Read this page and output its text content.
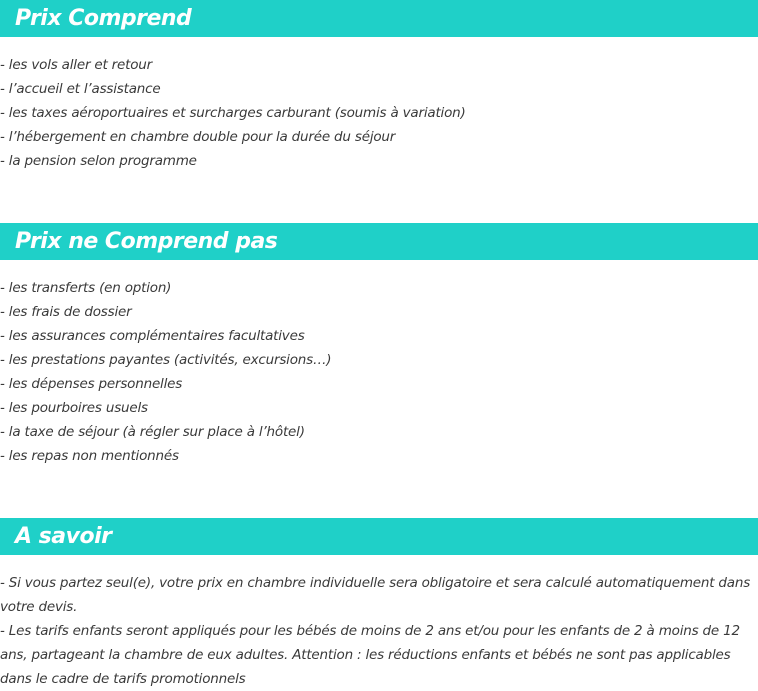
Prix Comprend
- les vols aller et retour
- l’accueil et l’assistance
- les taxes aéroportuaires et surcharges carburant (soumis à variation)
- l’hébergement en chambre double pour la durée du séjour
- la pension selon programme
Prix ne Comprend pas
- les transferts (en option)
- les frais de dossier
- les assurances complémentaires facultatives
- les prestations payantes (activités, excursions…)
- les dépenses personnelles
- les pourboires usuels
- la taxe de séjour (à régler sur place à l’hôtel)
- les repas non mentionnés
A savoir

- Si vous partez seul(e), votre prix en chambre individuelle sera obligatoire et sera calculé automatiquement dans votre devis.

- Les tarifs enfants seront appliqués pour les bébés de moins de 2 ans et/ou pour les enfants de 2 à moins de 12 ans, partageant la chambre de eux adultes. Attention : les réductions enfants et bébés ne sont pas applicables dans le cadre de tarifs promotionnels
